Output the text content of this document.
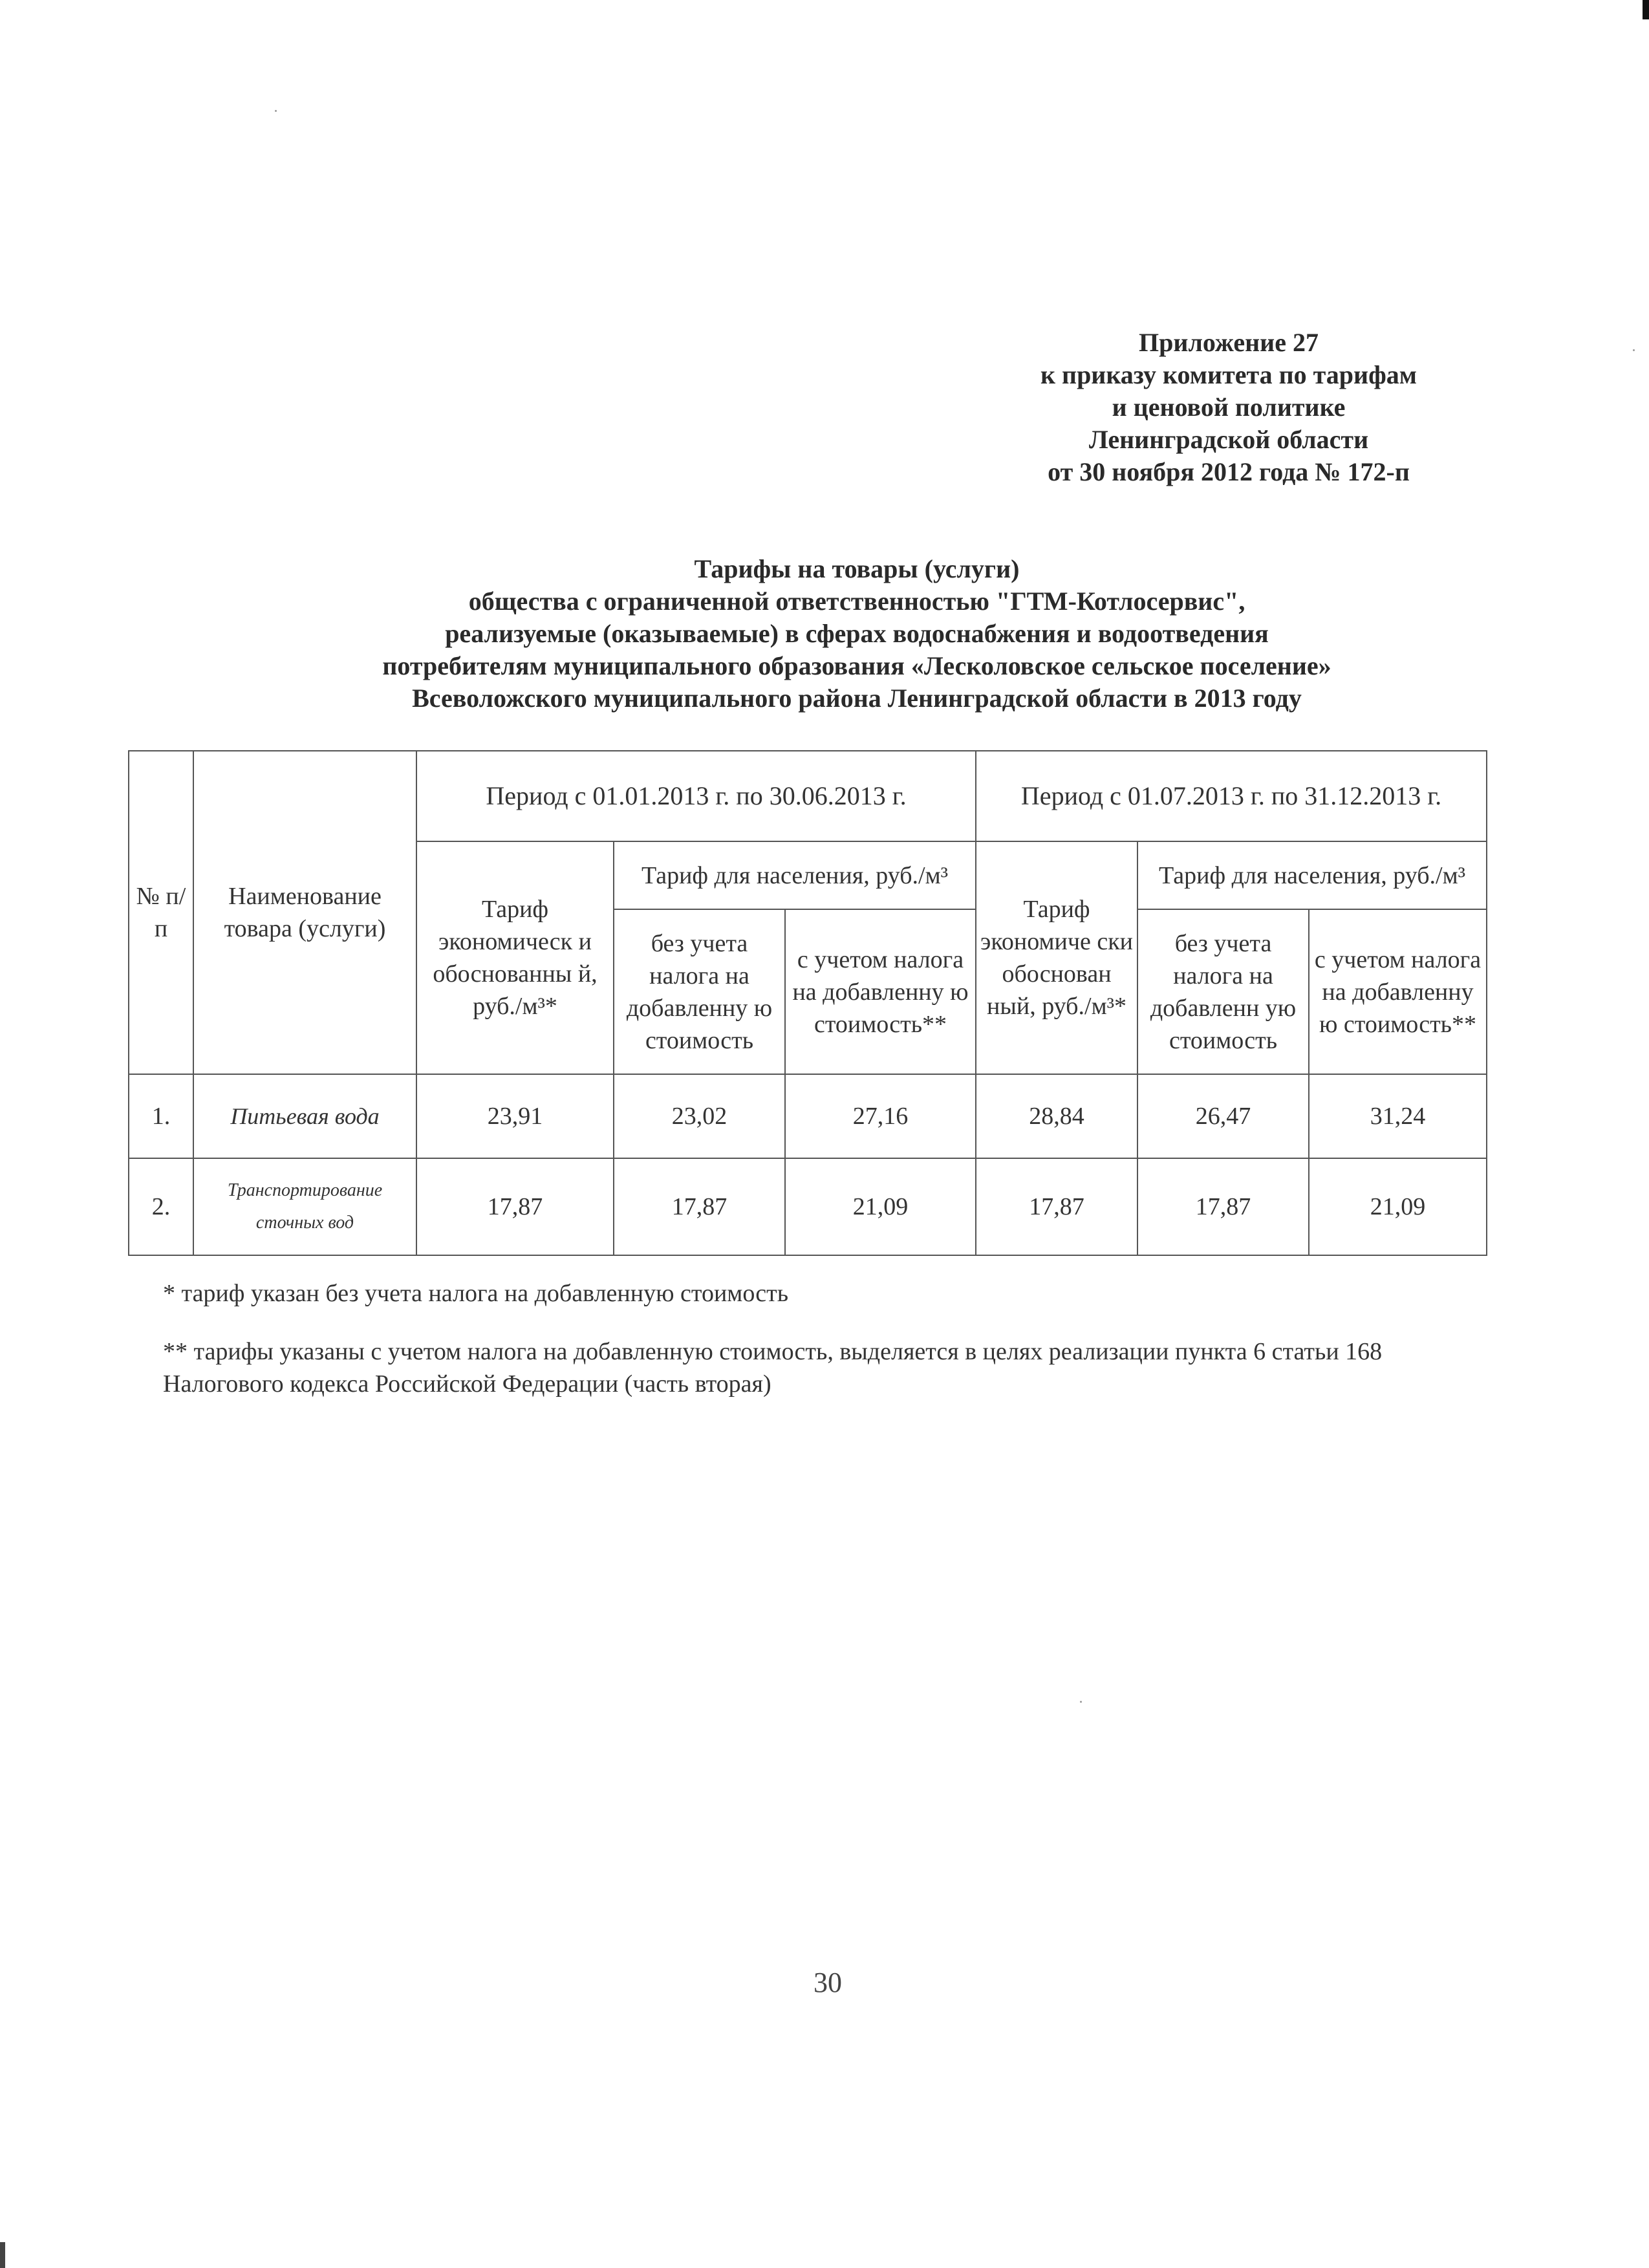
Приложение 27
к приказу комитета по тарифам
и ценовой политике
Ленинградской области
от 30 ноября 2012 года № 172-п
Тарифы на товары (услуги)
общества с ограниченной ответственностью "ГТМ-Котлосервис",
реализуемые (оказываемые) в сферах водоснабжения и водоотведения
потребителям муниципального образования «Лесколовское сельское поселение»
Всеволожского муниципального района Ленинградской области в 2013 году
№ п/п	Наименование товара (услуги)	Период с 01.01.2013 г. по 30.06.2013 г.			Период с 01.07.2013 г. по 31.12.2013 г.		
		Тариф экономическ и обоснованны й, руб./м³*	Тариф для населения, руб./м³		Тариф экономиче ски обоснован ный, руб./м³*	Тариф для населения, руб./м³	
			без учета налога на добавленну ю стоимость	с учетом налога на добавленну ю стоимость**		без учета налога на добавленн ую стоимость	с учетом налога на добавленну ю стоимость**
1.	Питьевая вода	23,91	23,02	27,16	28,84	26,47	31,24
2.	Транспортирование сточных вод	17,87	17,87	21,09	17,87	17,87	21,09

* тариф указан без учета налога на добавленную стоимость

** тарифы указаны с учетом налога на добавленную стоимость, выделяется в целях реализации пункта 6 статьи 168 Налогового кодекса Российской Федерации (часть вторая)

30
